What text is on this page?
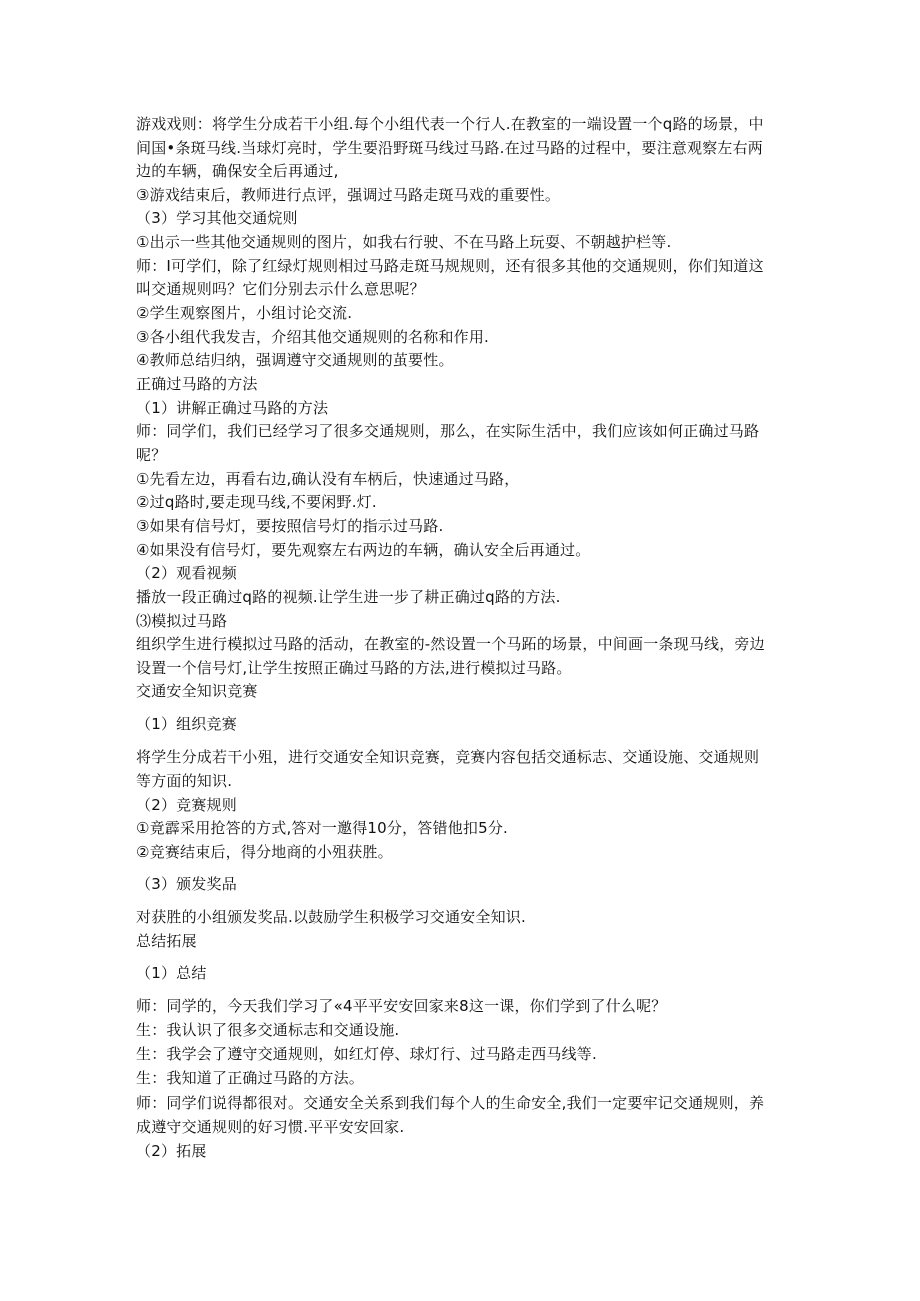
游戏戏则：将学生分成若干小组.每个小组代表一个行人.在教室的一端设置一个q路的场景，中
间国•条斑马线.当球灯亮时，学生要沿野斑马线过马路.在过马路的过程中，要注意观察左右两
边的车辆，确保安全后再通过,
③游戏结束后，教师进行点评，强调过马路走斑马戏的重要性。
（3）学习其他交通烷则
①出示一些其他交通规则的图片，如我右行驶、不在马路上玩耍、不朝越护栏等.
师：I可学们，除了红绿灯规则相过马路走斑马规规则，还有很多其他的交通规则，你们知道这
叫交通规则吗？它们分别去示什么意思呢？
②学生观察图片，小组讨论交流.
③各小组代我发吉，介绍其他交通规则的名称和作用.
④教师总结归纳，强调遵守交通规则的茧要性。
正确过马路的方法
（1）讲解正确过马路的方法
师：同学们，我们已经学习了很多交通规则，那么，在实际生活中，我们应该如何正确过马路
呢？
①先看左边，再看右边,确认没有车柄后，快速通过马路，
②过q路时,要走现马线,不要闲野.灯.
③如果有信号灯，要按照信号灯的指示过马路.
④如果没有信号灯，要先观察左右两边的车辆，确认安全后再通过。
（2）观看视频
播放一段正确过q路的视频.让学生进一步了耕正确过q路的方法.
⑶模拟过马路
组织学生进行模拟过马路的活动，在教室的-然设置一个马跖的场景，中间画一条现马线，旁边
设置一个信号灯,让学生按照正确过马路的方法,进行模拟过马路。
交通安全知识竞赛
（1）组织竞赛
将学生分成若干小殂，进行交通安全知识竞赛，竞赛内容包括交通标志、交通设施、交通规则
等方面的知识.
（2）竞赛规则
①竟霹采用抢答的方式,答对一邀得10分，答错他扣5分.
②竞赛结束后，得分地商的小殂获胜。
（3）颁发奖品
对获胜的小组颁发奖品.以鼓励学生积极学习交通安全知识.
总结拓展
（1）总结
师：同学的，今天我们学习了«4平平安安回家来8这一课，你们学到了什么呢？
生：我认识了很多交通标志和交通设施.
生：我学会了遵守交通规则，如红灯停、球灯行、过马路走西马线等.
生：我知道了正确过马路的方法。
师：同学们说得都很对。交通安全关系到我们每个人的生命安全,我们一定要牢记交通规则，养
成遵守交通规则的好习惯.平平安安回家.
（2）拓展
